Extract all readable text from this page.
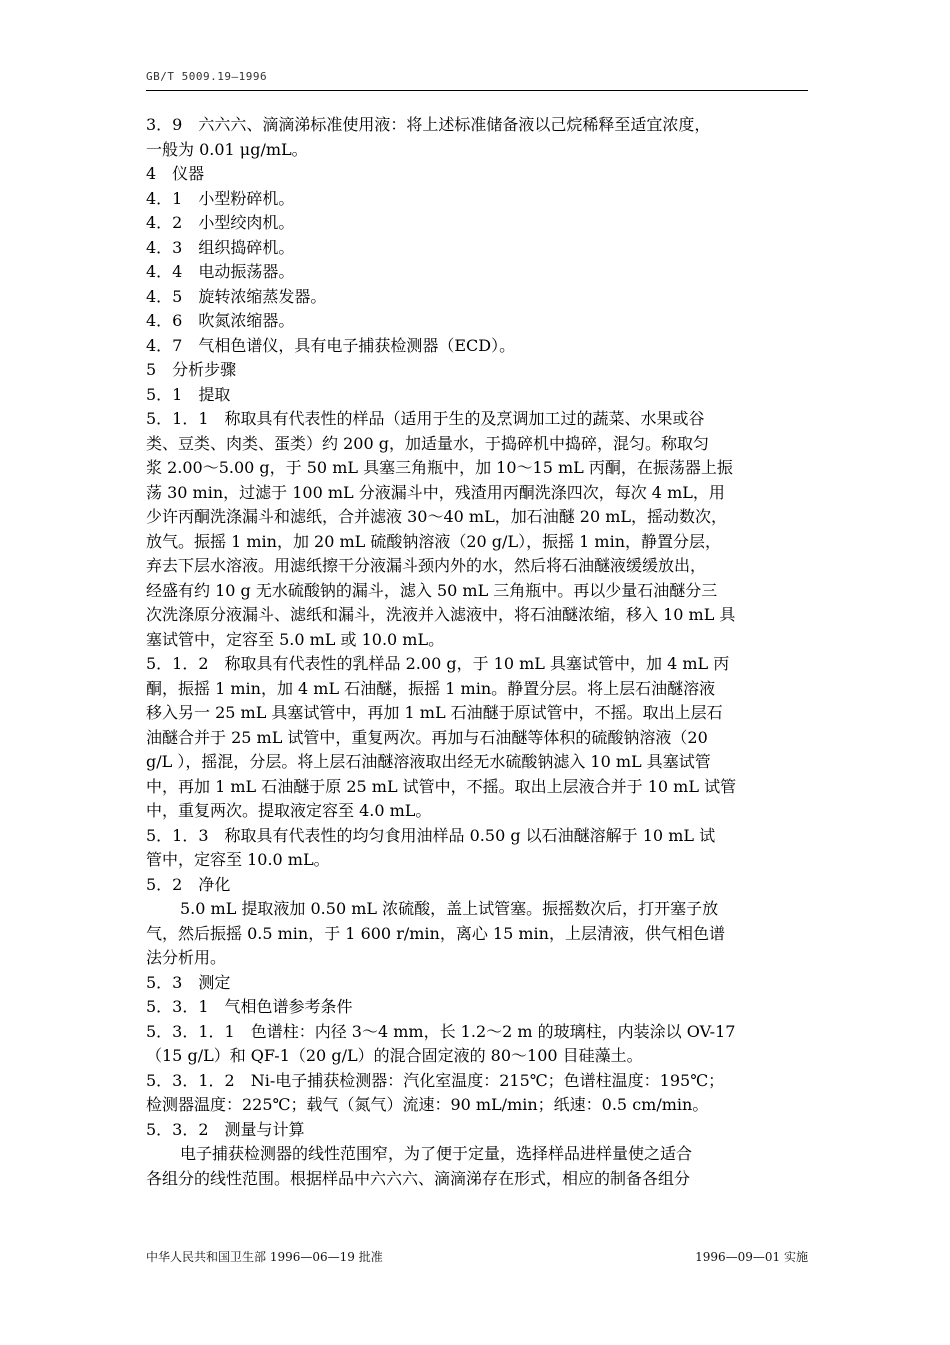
GB/T 5009.19—1996
3．9　六六六、滴滴涕标准使用液：将上述标准储备液以己烷稀释至适宜浓度，
一般为 0.01 μg/mL。
4　仪器
4．1　小型粉碎机。
4．2　小型绞肉机。
4．3　组织捣碎机。
4．4　电动振荡器。
4．5　旋转浓缩蒸发器。
4．6　吹氮浓缩器。
4．7　气相色谱仪，具有电子捕获检测器（ECD）。
5　分析步骤
5．1　提取
5．1．1　称取具有代表性的样品（适用于生的及烹调加工过的蔬菜、水果或谷
类、豆类、肉类、蛋类）约 200 g，加适量水，于捣碎机中捣碎，混匀。称取匀
浆 2.00～5.00 g，于 50 mL 具塞三角瓶中，加 10～15 mL 丙酮，在振荡器上振
荡 30 min，过滤于 100 mL 分液漏斗中，残渣用丙酮洗涤四次，每次 4 mL，用
少许丙酮洗涤漏斗和滤纸，合并滤液 30～40 mL，加石油醚 20 mL，摇动数次，
放气。振摇 1 min，加 20 mL 硫酸钠溶液（20 g/L），振摇 1 min，静置分层，
弃去下层水溶液。用滤纸擦干分液漏斗颈内外的水，然后将石油醚液缓缓放出，
经盛有约 10 g 无水硫酸钠的漏斗，滤入 50 mL 三角瓶中。再以少量石油醚分三
次洗涤原分液漏斗、滤纸和漏斗，洗液并入滤液中，将石油醚浓缩，移入 10 mL 具
塞试管中，定容至 5.0 mL 或 10.0 mL。
5．1．2　称取具有代表性的乳样品 2.00 g，于 10 mL 具塞试管中，加 4 mL 丙
酮，振摇 1 min，加 4 mL 石油醚，振摇 1 min。静置分层。将上层石油醚溶液
移入另一 25 mL 具塞试管中，再加 1 mL 石油醚于原试管中，不摇。取出上层石
油醚合并于 25 mL 试管中，重复两次。再加与石油醚等体积的硫酸钠溶液（20
g/L ），摇混，分层。将上层石油醚溶液取出经无水硫酸钠滤入 10 mL 具塞试管
中，再加 1 mL 石油醚于原 25 mL 试管中，不摇。取出上层液合并于 10 mL 试管
中，重复两次。提取液定容至 4.0 mL。
5．1．3　称取具有代表性的均匀食用油样品 0.50 g 以石油醚溶解于 10 mL 试
管中，定容至 10.0 mL。
5．2　净化
5.0 mL 提取液加 0.50 mL 浓硫酸，盖上试管塞。振摇数次后，打开塞子放
气，然后振摇 0.5 min，于 1 600 r/min，离心 15 min，上层清液，供气相色谱
法分析用。
5．3　测定
5．3．1　气相色谱参考条件
5．3．1．1　色谱柱：内径 3～4 mm，长 1.2～2 m 的玻璃柱，内装涂以 OV-17
（15 g/L）和 QF-1（20 g/L）的混合固定液的 80～100 目硅藻土。
5．3．1．2　Ni-电子捕获检测器：汽化室温度：215℃；色谱柱温度：195℃；
检测器温度：225℃；载气（氮气）流速：90 mL/min；纸速：0.5 cm/min。
5．3．2　测量与计算
电子捕获检测器的线性范围窄，为了便于定量，选择样品进样量使之适合
各组分的线性范围。根据样品中六六六、滴滴涕存在形式，相应的制备各组分
中华人民共和国卫生部 1996—06—19 批准	1996—09—01 实施
